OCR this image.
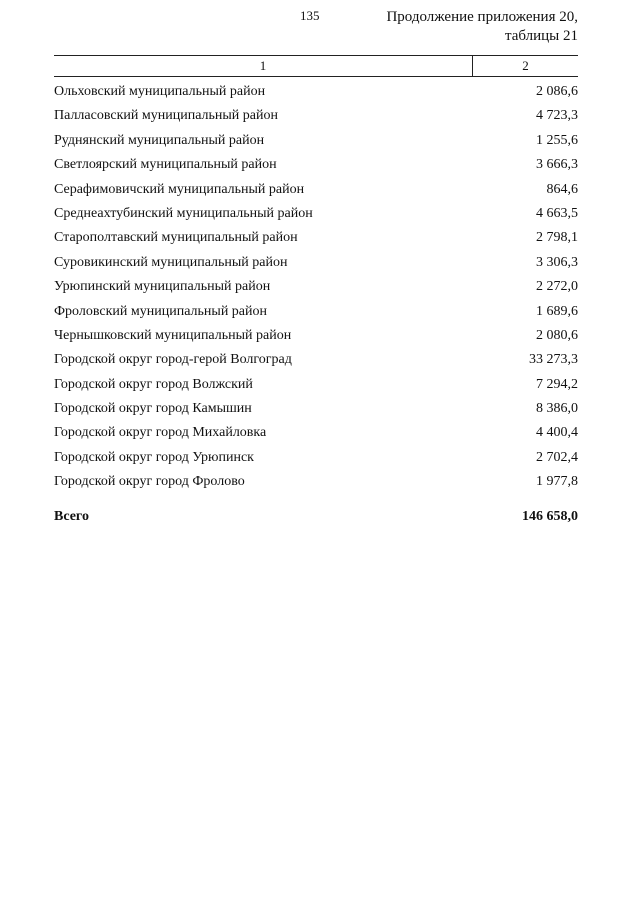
135	Продолжение приложения 20,
таблицы 21
1	2
Ольховский муниципальный район	2 086,6
Палласовский муниципальный район	4 723,3
Руднянский муниципальный район	1 255,6
Светлоярский муниципальный район	3 666,3
Серафимовичский муниципальный район	864,6
Среднеахтубинский муниципальный район	4 663,5
Старополтавский муниципальный район	2 798,1
Суровикинский муниципальный район	3 306,3
Урюпинский муниципальный район	2 272,0
Фроловский муниципальный район	1 689,6
Чернышковский муниципальный район	2 080,6
Городской округ город-герой Волгоград	33 273,3
Городской округ город Волжский	7 294,2
Городской округ город Камышин	8 386,0
Городской округ город Михайловка	4 400,4
Городской округ город Урюпинск	2 702,4
Городской округ город Фролово	1 977,8
Всего	146 658,0
